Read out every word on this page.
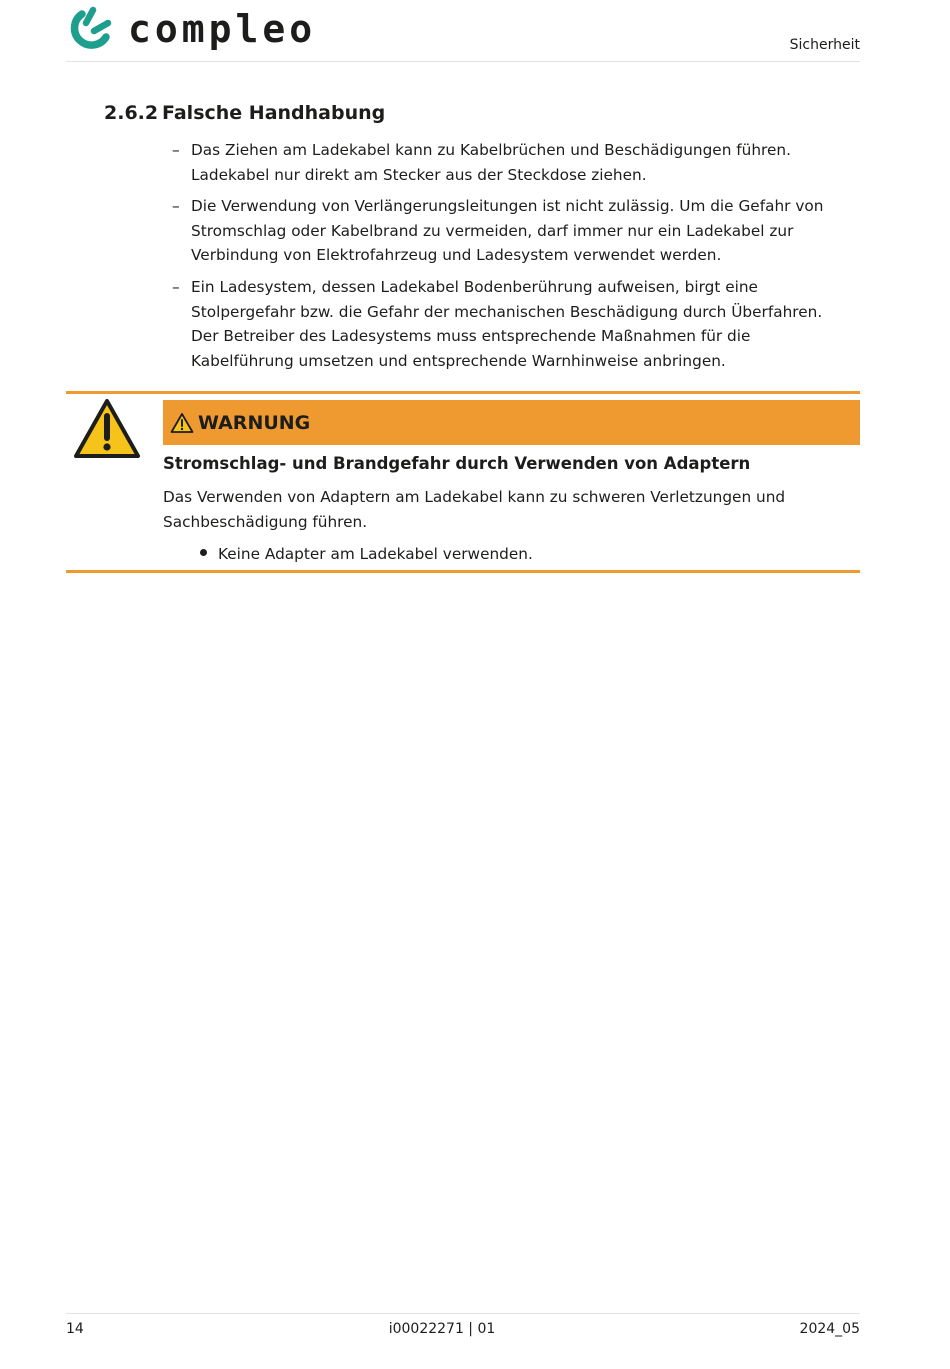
compleo	Sicherheit
2.6.2 Falsche Handhabung
– Das Ziehen am Ladekabel kann zu Kabelbrüchen und Beschädigungen führen. Ladekabel nur direkt am Stecker aus der Steckdose ziehen.
– Die Verwendung von Verlängerungsleitungen ist nicht zulässig. Um die Gefahr von Stromschlag oder Kabelbrand zu vermeiden, darf immer nur ein Ladekabel zur Verbindung von Elektrofahrzeug und Ladesystem verwendet werden.
– Ein Ladesystem, dessen Ladekabel Bodenberührung aufweisen, birgt eine Stolpergefahr bzw. die Gefahr der mechanischen Beschädigung durch Überfahren. Der Betreiber des Ladesystems muss entsprechende Maßnahmen für die Kabelführung umsetzen und entsprechende Warnhinweise anbringen.
WARNUNG
Stromschlag- und Brandgefahr durch Verwenden von Adaptern
Das Verwenden von Adaptern am Ladekabel kann zu schweren Verletzungen und Sachbeschädigung führen.
Keine Adapter am Ladekabel verwenden.
14	i00022271 | 01	2024_05
